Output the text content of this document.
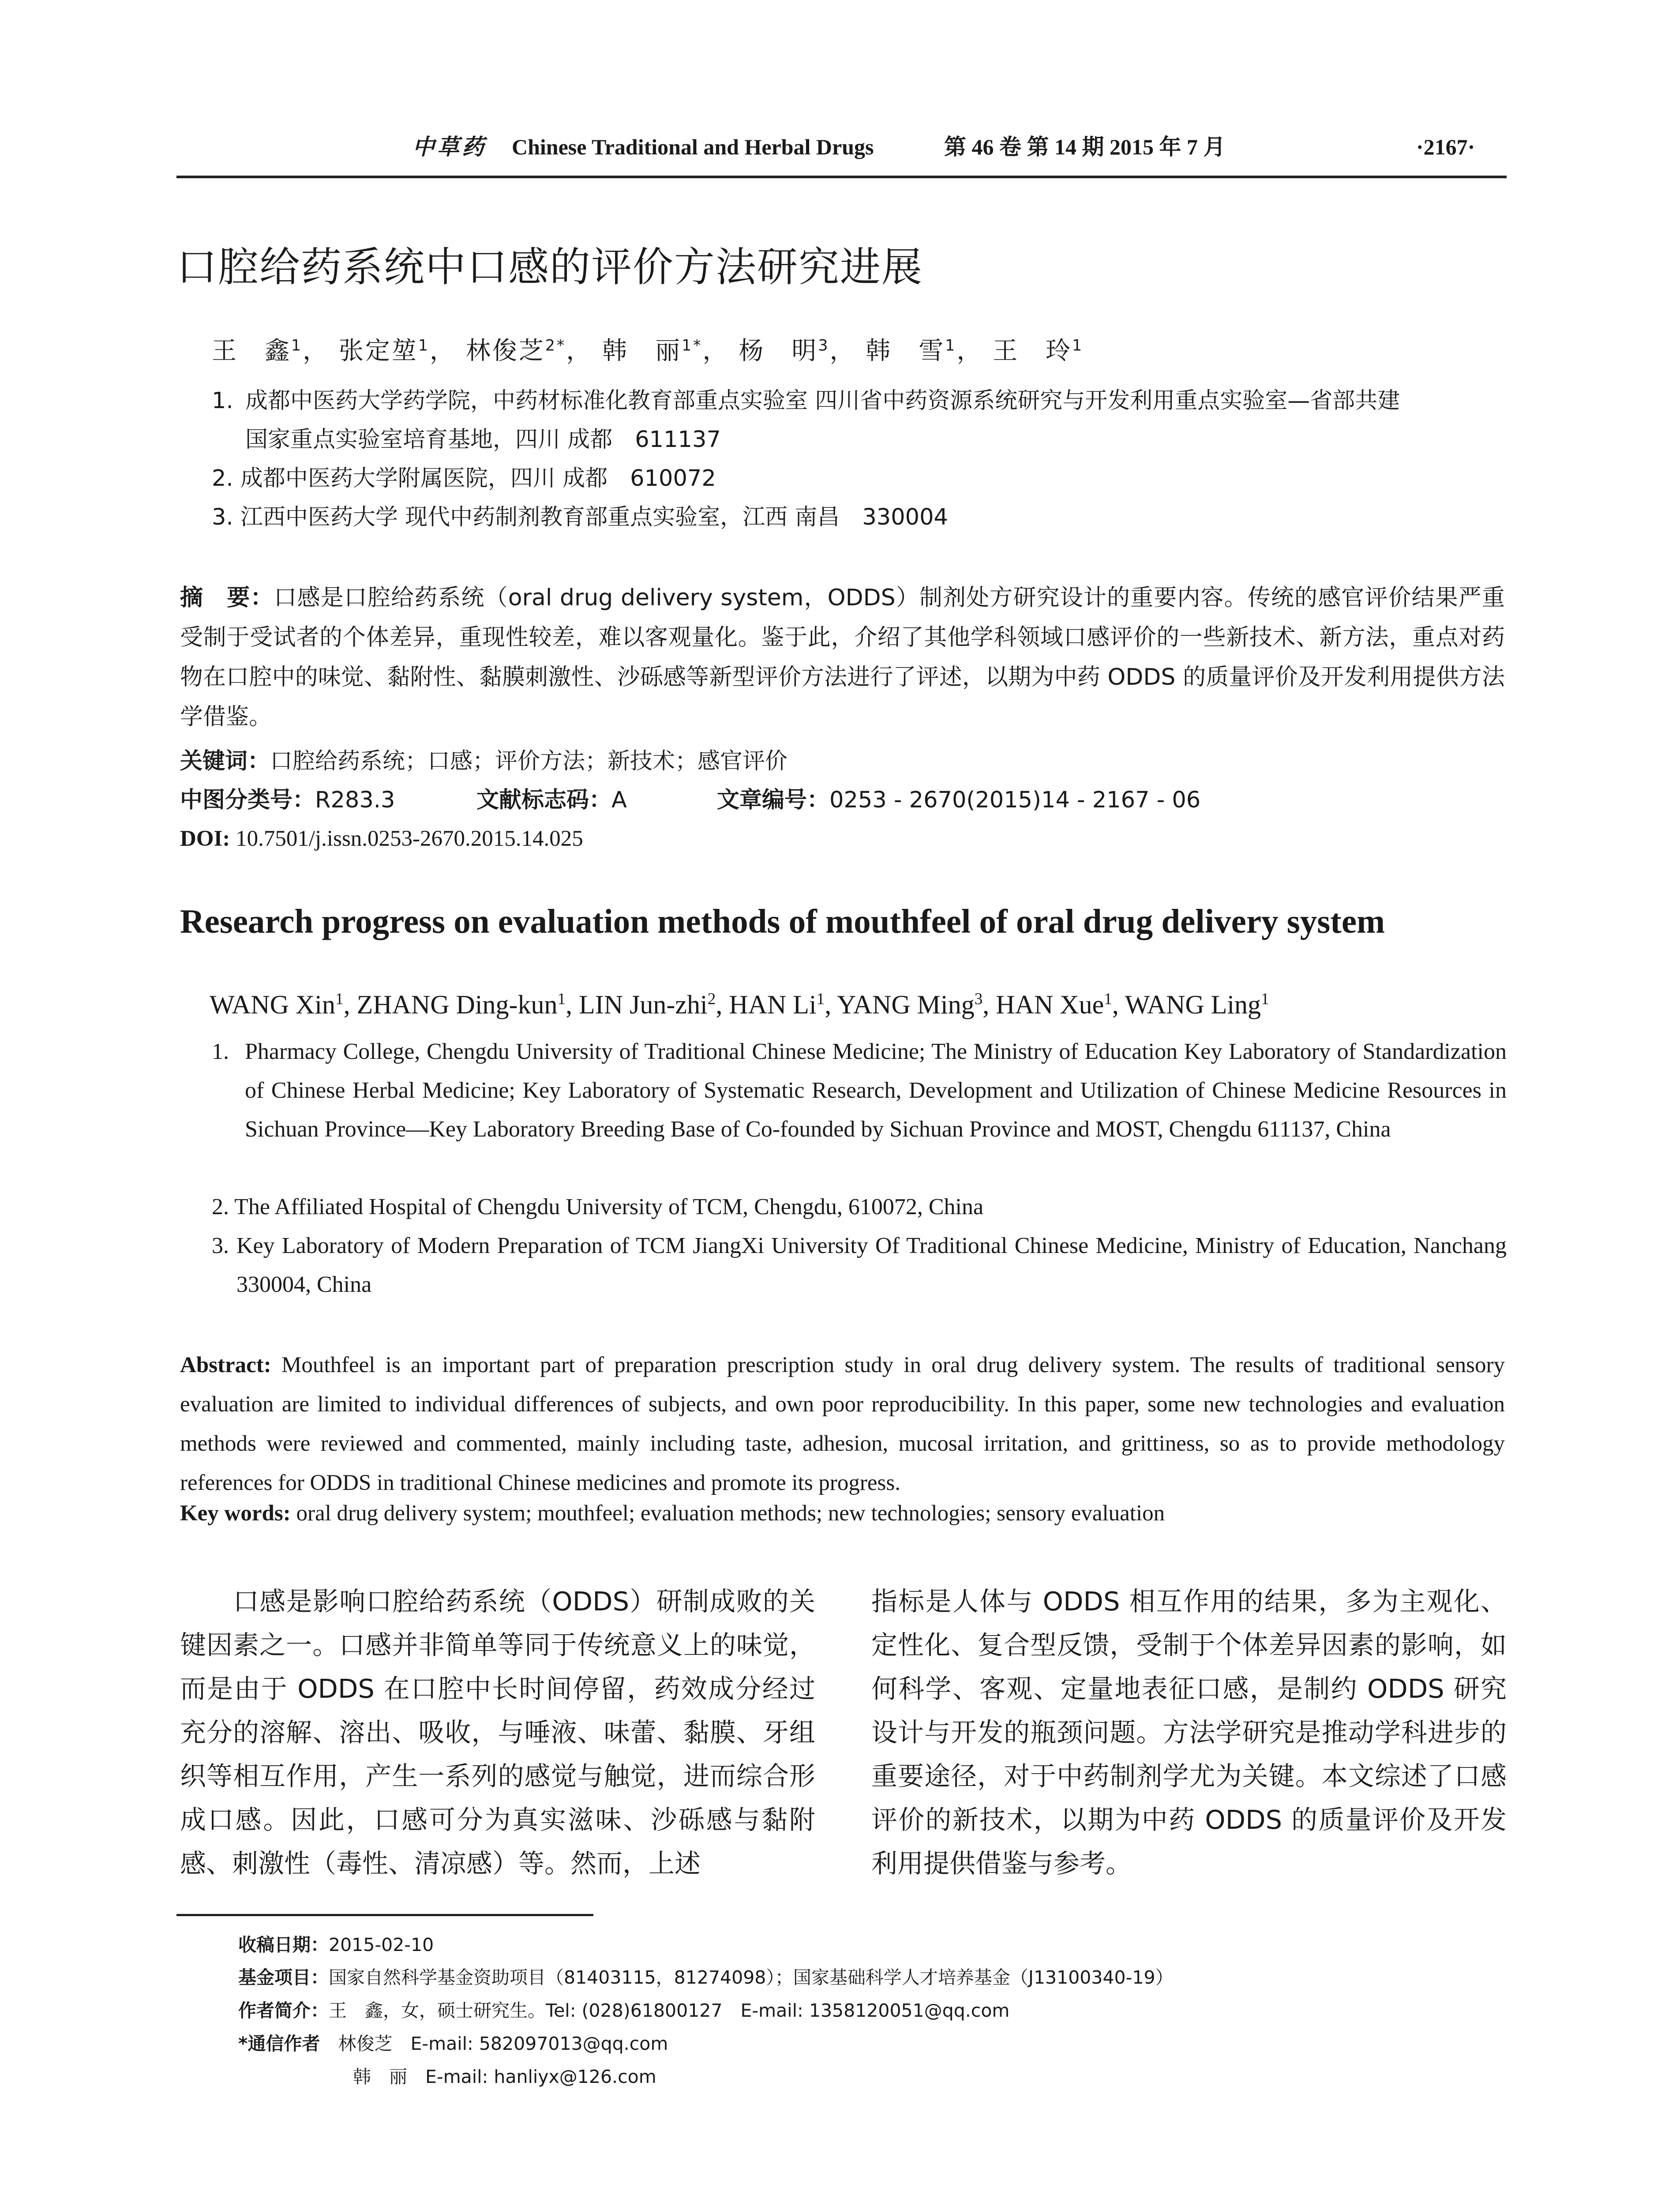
中草药 Chinese Traditional and Herbal Drugs	第 46 卷 第 14 期 2015 年 7 月	·2167·
口腔给药系统中口感的评价方法研究进展
王　鑫$^1$， 张定堃$^1$， 林俊芝$^{2*}$， 韩　丽$^{1*}$， 杨　明$^3$， 韩　雪$^1$， 王　玲$^1$
1. 成都中医药大学药学院，中药材标准化教育部重点实验室 四川省中药资源系统研究与开发利用重点实验室—省部共建
国家重点实验室培育基地，四川 成都　611137
2. 成都中医药大学附属医院，四川 成都　610072
3. 江西中医药大学 现代中药制剂教育部重点实验室，江西 南昌　330004
摘　要：口感是口腔给药系统（oral drug delivery system，ODDS）制剂处方研究设计的重要内容。传统的感官评价结果严重受制于受试者的个体差异，重现性较差，难以客观量化。鉴于此，介绍了其他学科领域口感评价的一些新技术、新方法，重点对药物在口腔中的味觉、黏附性、黏膜刺激性、沙砾感等新型评价方法进行了评述，以期为中药 ODDS 的质量评价及开发利用提供方法学借鉴。
关键词：口腔给药系统；口感；评价方法；新技术；感官评价
中图分类号：R283.3	文献标志码：A	文章编号：0253 - 2670(2015)14 - 2167 - 06
DOI: 10.7501/j.issn.0253-2670.2015.14.025
Research progress on evaluation methods of mouthfeel of oral drug delivery system
WANG Xin$^1$, ZHANG Ding-kun$^1$, LIN Jun-zhi$^2$, HAN Li$^1$, YANG Ming$^3$, HAN Xue$^1$, WANG Ling$^1$
1. Pharmacy College, Chengdu University of Traditional Chinese Medicine; The Ministry of Education Key Laboratory of Standardization of Chinese Herbal Medicine; Key Laboratory of Systematic Research, Development and Utilization of Chinese Medicine Resources in Sichuan Province—Key Laboratory Breeding Base of Co-founded by Sichuan Province and MOST, Chengdu 611137, China
2. The Affiliated Hospital of Chengdu University of TCM, Chengdu, 610072, China
3. Key Laboratory of Modern Preparation of TCM JiangXi University Of Traditional Chinese Medicine, Ministry of Education, Nanchang 330004, China
Abstract: Mouthfeel is an important part of preparation prescription study in oral drug delivery system. The results of traditional sensory evaluation are limited to individual differences of subjects, and own poor reproducibility. In this paper, some new technologies and evaluation methods were reviewed and commented, mainly including taste, adhesion, mucosal irritation, and grittiness, so as to provide methodology references for ODDS in traditional Chinese medicines and promote its progress.
Key words: oral drug delivery system; mouthfeel; evaluation methods; new technologies; sensory evaluation
口感是影响口腔给药系统（ODDS）研制成败的关键因素之一。口感并非简单等同于传统意义上的味觉，而是由于 ODDS 在口腔中长时间停留，药效成分经过充分的溶解、溶出、吸收，与唾液、味蕾、黏膜、牙组织等相互作用，产生一系列的感觉与触觉，进而综合形成口感。因此，口感可分为真实滋味、沙砾感与黏附感、刺激性（毒性、清凉感）等。然而，上述
指标是人体与 ODDS 相互作用的结果，多为主观化、定性化、复合型反馈，受制于个体差异因素的影响，如何科学、客观、定量地表征口感，是制约 ODDS 研究设计与开发的瓶颈问题。方法学研究是推动学科进步的重要途径，对于中药制剂学尤为关键。本文综述了口感评价的新技术，以期为中药 ODDS 的质量评价及开发利用提供借鉴与参考。
收稿日期：2015-02-10
基金项目：国家自然科学基金资助项目（81403115，81274098）；国家基础科学人才培养基金（J13100340-19）
作者简介：王　鑫，女，硕士研究生。Tel: (028)61800127　E-mail: 1358120051@qq.com
*通信作者　 林俊芝　E-mail: 582097013@qq.com
韩　丽　E-mail: hanliyx@126.com
